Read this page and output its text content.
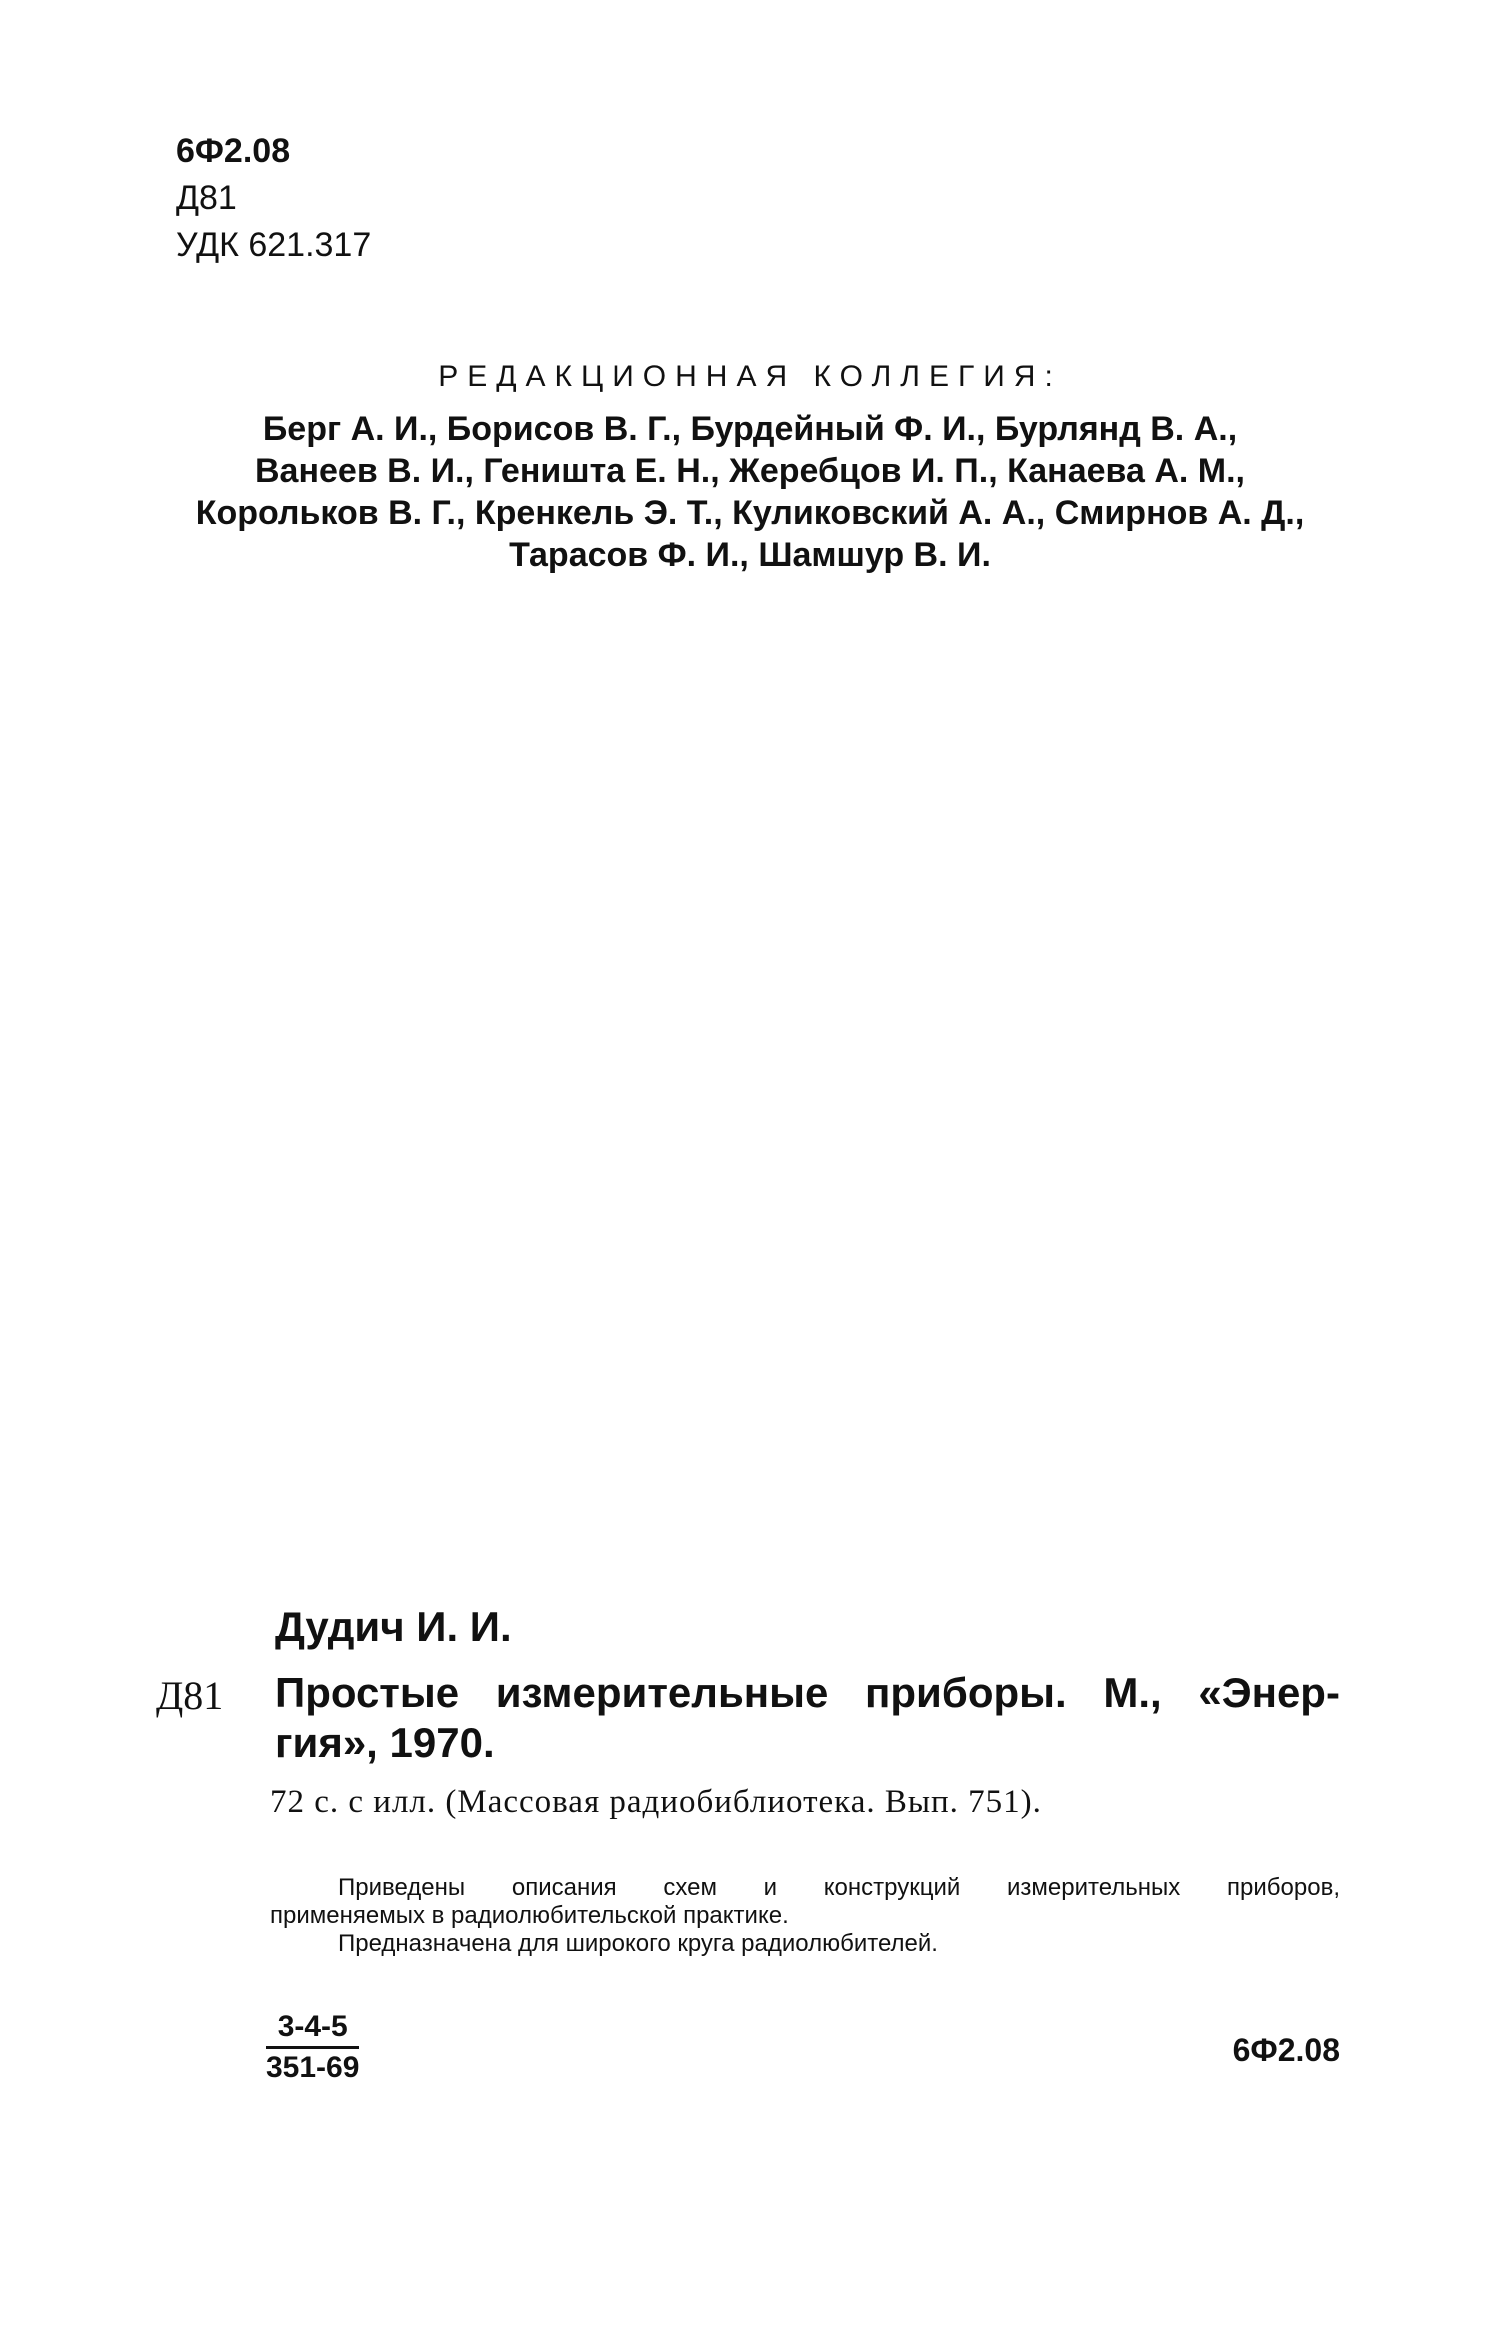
6Ф2.08
Д81
УДК 621.317
РЕДАКЦИОННАЯ КОЛЛЕГИЯ:
Берг А. И., Борисов В. Г., Бурдейный Ф. И., Бурлянд В. А.,
Ванеев В. И., Геништа Е. Н., Жеребцов И. П., Канаева А. М.,
Корольков В. Г., Кренкель Э. Т., Куликовский А. А., Смирнов А. Д.,
Тарасов Ф. И., Шамшур В. И.
Дудич И. И.
Д81 Простые измерительные приборы. М., «Энер-
гия», 1970.
72 с. с илл. (Массовая радиобиблиотека. Вып. 751).

Приведены описания схем и конструкций измерительных приборов,

применяемых в радиолюбительской практике.

Предназначена для широкого круга радиолюбителей.

$\frac{3-4-5}{351-69}$	6Ф2.08
